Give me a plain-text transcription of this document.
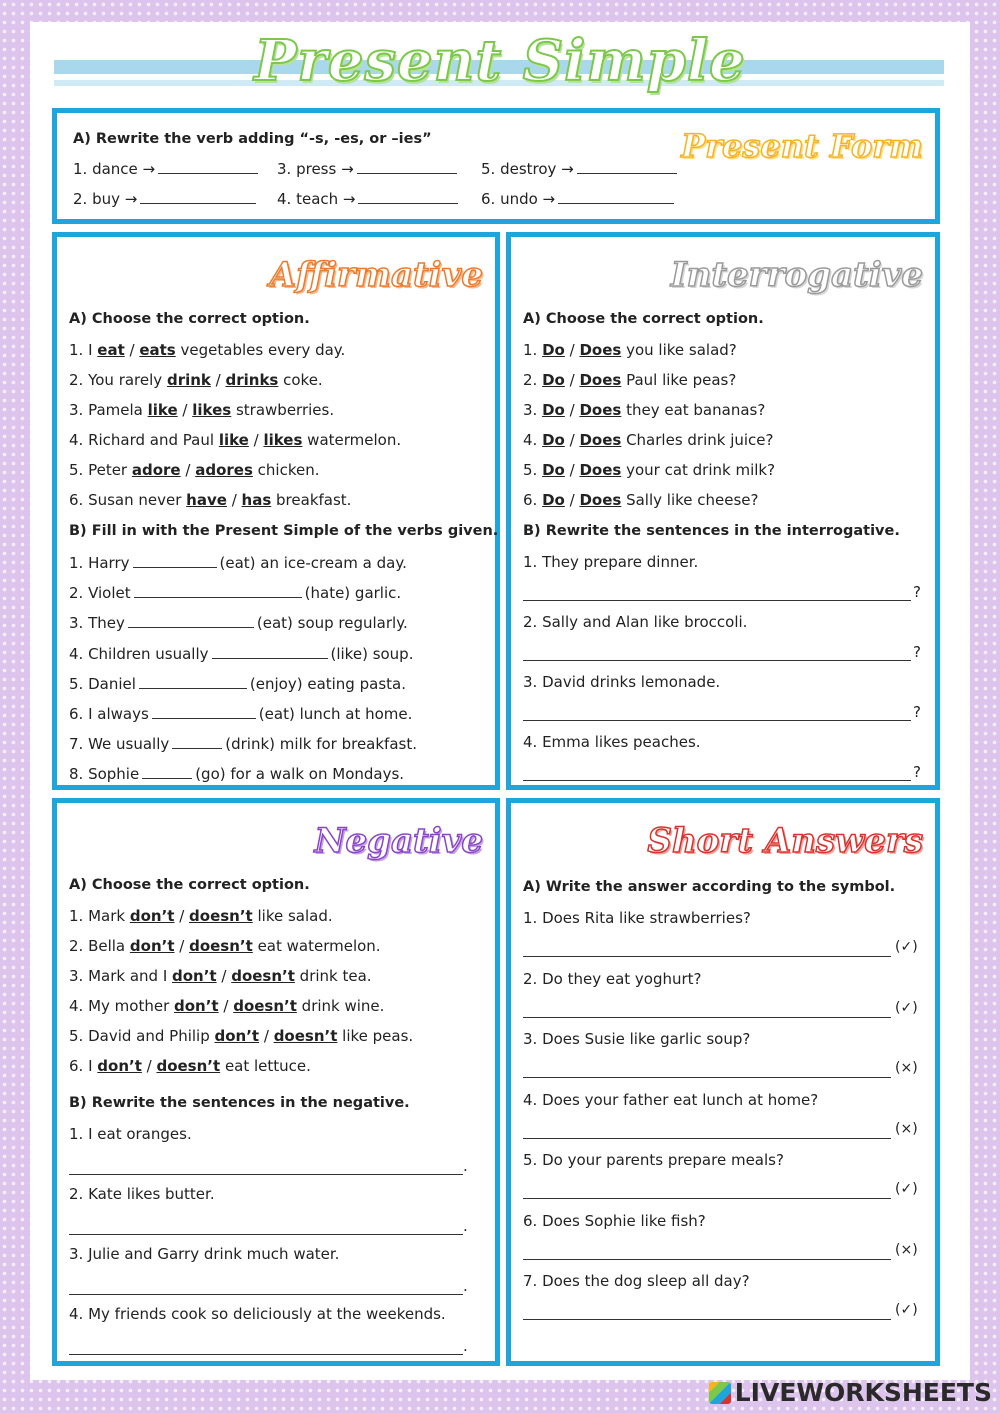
Present Simple
Present Form
A) Rewrite the verb adding “-s, -es, or –ies”
1. dance →	3. press →	5. destroy →
2. buy →	4. teach →	6. undo →
Affirmative
A) Choose the correct option.
1. I eat / eats vegetables every day.
2. You rarely drink / drinks coke.
3. Pamela like / likes strawberries.
4. Richard and Paul like / likes watermelon.
5. Peter adore / adores chicken.
6. Susan never have / has breakfast.
B) Fill in with the Present Simple of the verbs given.
1. Harry	(eat) an ice-cream a day.
2. Violet	(hate) garlic.
3. They	(eat) soup regularly.
4. Children usually	(like) soup.
5. Daniel	(enjoy) eating pasta.
6. I always	(eat) lunch at home.
7. We usually	(drink) milk for breakfast.
8. Sophie	(go) for a walk on Mondays.
Interrogative
A) Choose the correct option.
1. Do / Does you like salad?
2. Do / Does Paul like peas?
3. Do / Does they eat bananas?
4. Do / Does Charles drink juice?
5. Do / Does your cat drink milk?
6. Do / Does Sally like cheese?
B) Rewrite the sentences in the interrogative.
1. They prepare dinner.
?
2. Sally and Alan like broccoli.
?
3. David drinks lemonade.
?
4. Emma likes peaches.
?
Negative
A) Choose the correct option.
1. Mark don’t / doesn’t like salad.
2. Bella don’t / doesn’t eat watermelon.
3. Mark and I don’t / doesn’t drink tea.
4. My mother don’t / doesn’t drink wine.
5. David and Philip don’t / doesn’t like peas.
6. I don’t / doesn’t eat lettuce.
B) Rewrite the sentences in the negative.
1. I eat oranges.
.
2. Kate likes butter.
.
3. Julie and Garry drink much water.
.
4. My friends cook so deliciously at the weekends.
.
Short Answers
A) Write the answer according to the symbol.
1. Does Rita like strawberries?
(✓)
2. Do they eat yoghurt?
(✓)
3. Does Susie like garlic soup?
(×)
4. Does your father eat lunch at home?
(×)
5. Do your parents prepare meals?
(✓)
6. Does Sophie like fish?
(×)
7. Does the dog sleep all day?
(✓)
LIVEWORKSHEETS
